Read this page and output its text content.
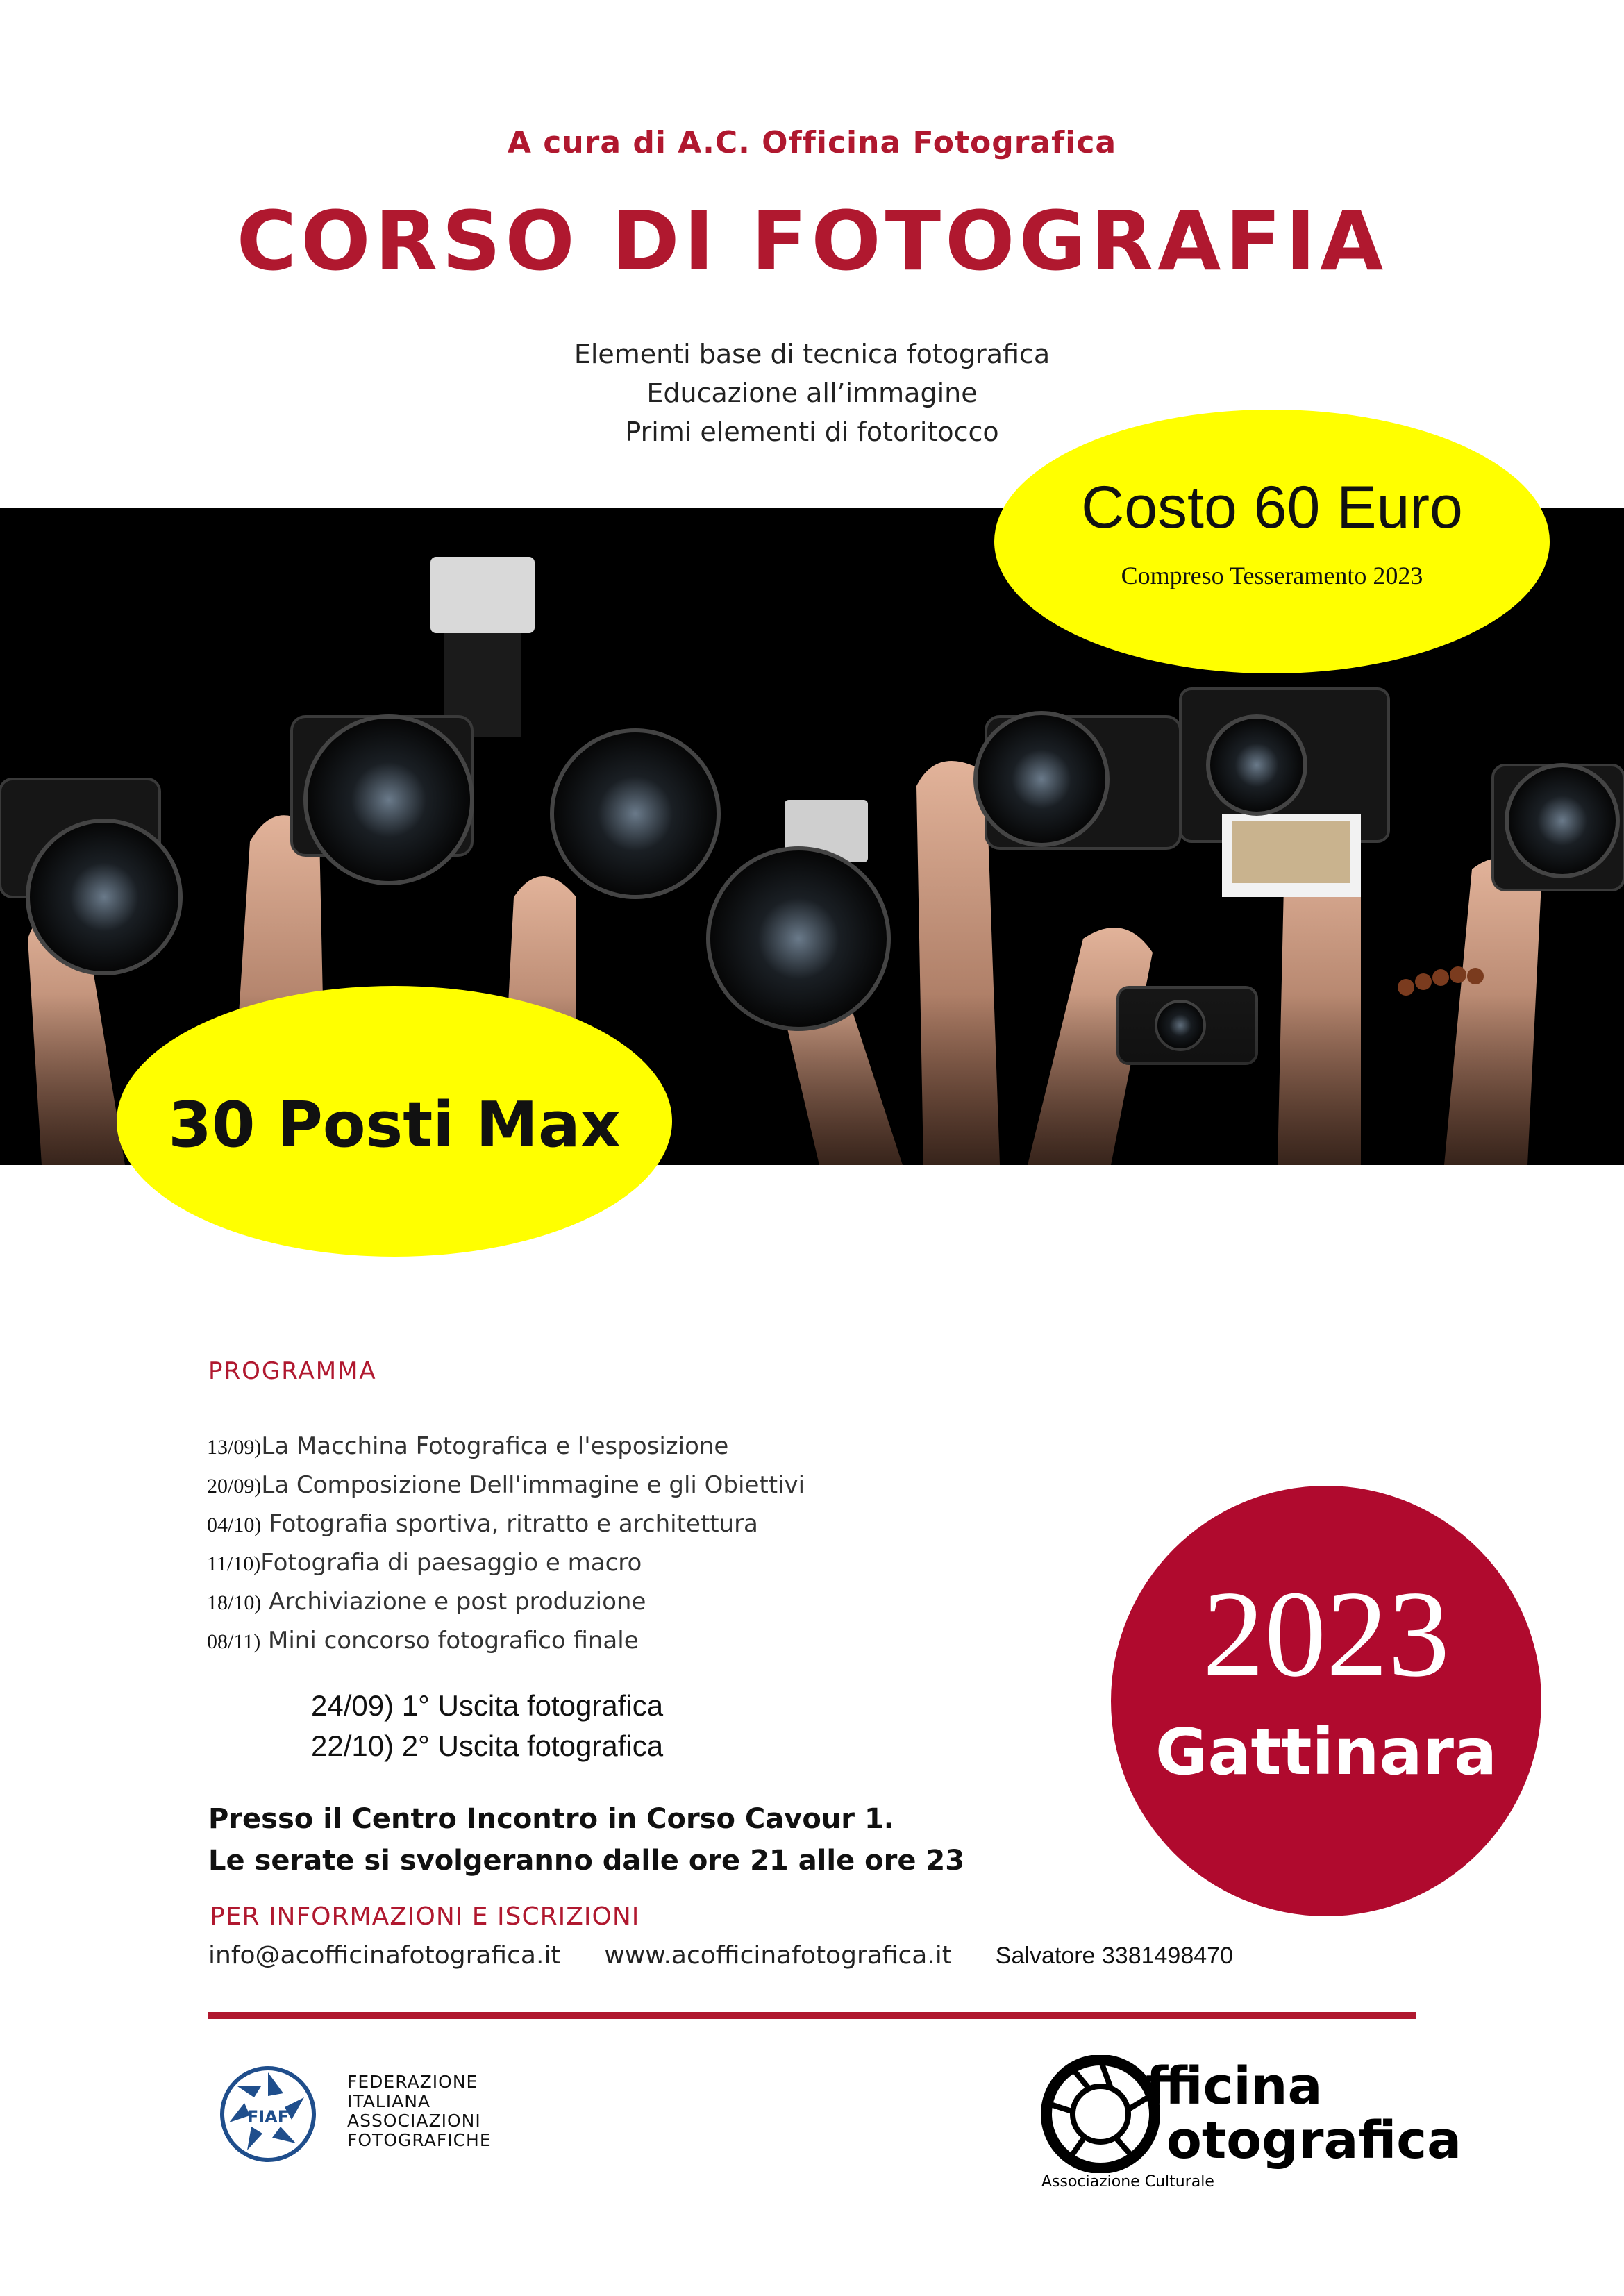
A cura di A.C. Officina Fotografica
CORSO DI FOTOGRAFIA
Elementi base di tecnica fotografica
Educazione all’immagine
Primi elementi di fotoritocco
Costo 60 Euro
Compreso Tesseramento 2023
30 Posti Max
PROGRAMMA
13/09)La Macchina Fotografica e l'esposizione
20/09)La Composizione Dell'immagine e gli Obiettivi
04/10) Fotografia sportiva, ritratto e architettura
11/10)Fotografia di paesaggio e macro
18/10) Archiviazione e post produzione
08/11) Mini concorso fotografico finale
24/09) 1° Uscita fotografica
22/10) 2° Uscita fotografica
Presso il Centro Incontro in Corso Cavour 1.
Le serate si svolgeranno dalle ore 21 alle ore 23
PER INFORMAZIONI E ISCRIZIONI
info@acofficinafotografica.it www.acofficinafotografica.it Salvatore 3381498470
2023
Gattinara
FIAF
FEDERAZIONE
ITALIANA
ASSOCIAZIONI
FOTOGRAFICHE
fficina
otografica
Associazione Culturale
